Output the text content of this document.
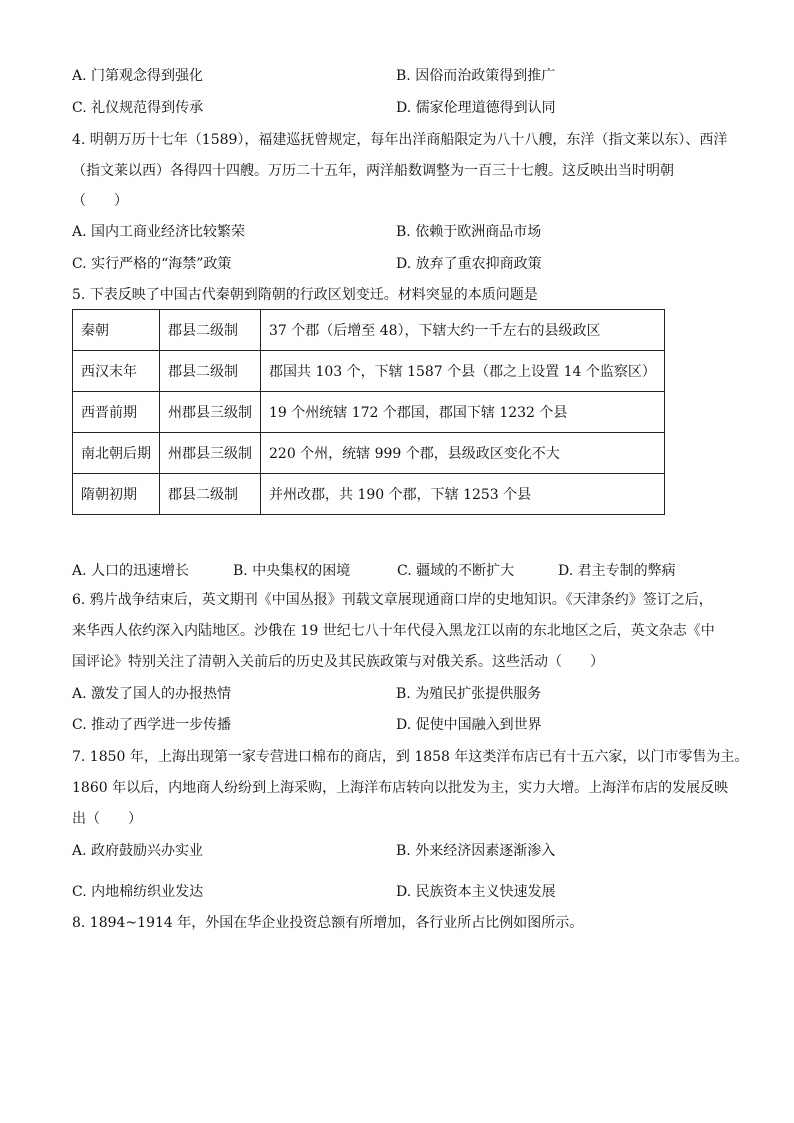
A. 门第观念得到强化	B. 因俗而治政策得到推广
C. 礼仪规范得到传承	D. 儒家伦理道德得到认同
4. 明朝万历十七年（1589），福建巡抚曾规定，每年出洋商船限定为八十八艘，东洋（指文莱以东）、西洋
（指文莱以西）各得四十四艘。万历二十五年，两洋船数调整为一百三十七艘。这反映出当时明朝
（　　）
A. 国内工商业经济比较繁荣	B. 依赖于欧洲商品市场
C. 实行严格的“海禁”政策	D. 放弃了重农抑商政策
5. 下表反映了中国古代秦朝到隋朝的行政区划变迁。材料突显的本质问题是
秦朝	郡县二级制	37 个郡（后增至 48），下辖大约一千左右的县级政区
西汉末年	郡县二级制	郡国共 103 个，下辖 1587 个县（郡之上设置 14 个监察区）
西晋前期	州郡县三级制	19 个州统辖 172 个郡国，郡国下辖 1232 个县
南北朝后期	州郡县三级制	220 个州，统辖 999 个郡，县级政区变化不大
隋朝初期	郡县二级制	并州改郡，共 190 个郡，下辖 1253 个县
A. 人口的迅速增长	B. 中央集权的困境	C. 疆域的不断扩大	D. 君主专制的弊病
6. 鸦片战争结束后，英文期刊《中国丛报》刊载文章展现通商口岸的史地知识。《天津条约》签订之后，
来华西人依约深入内陆地区。沙俄在 19 世纪七八十年代侵入黑龙江以南的东北地区之后，英文杂志《中
国评论》特别关注了清朝入关前后的历史及其民族政策与对俄关系。这些活动（　　）
A. 激发了国人的办报热情	B. 为殖民扩张提供服务
C. 推动了西学进一步传播	D. 促使中国融入到世界
7. 1850 年，上海出现第一家专营进口棉布的商店，到 1858 年这类洋布店已有十五六家，以门市零售为主。
1860 年以后，内地商人纷纷到上海采购，上海洋布店转向以批发为主，实力大增。上海洋布店的发展反映
出（　　）
A. 政府鼓励兴办实业	B. 外来经济因素逐渐渗入
C. 内地棉纺织业发达	D. 民族资本主义快速发展
8. 1894~1914 年，外国在华企业投资总额有所增加，各行业所占比例如图所示。
